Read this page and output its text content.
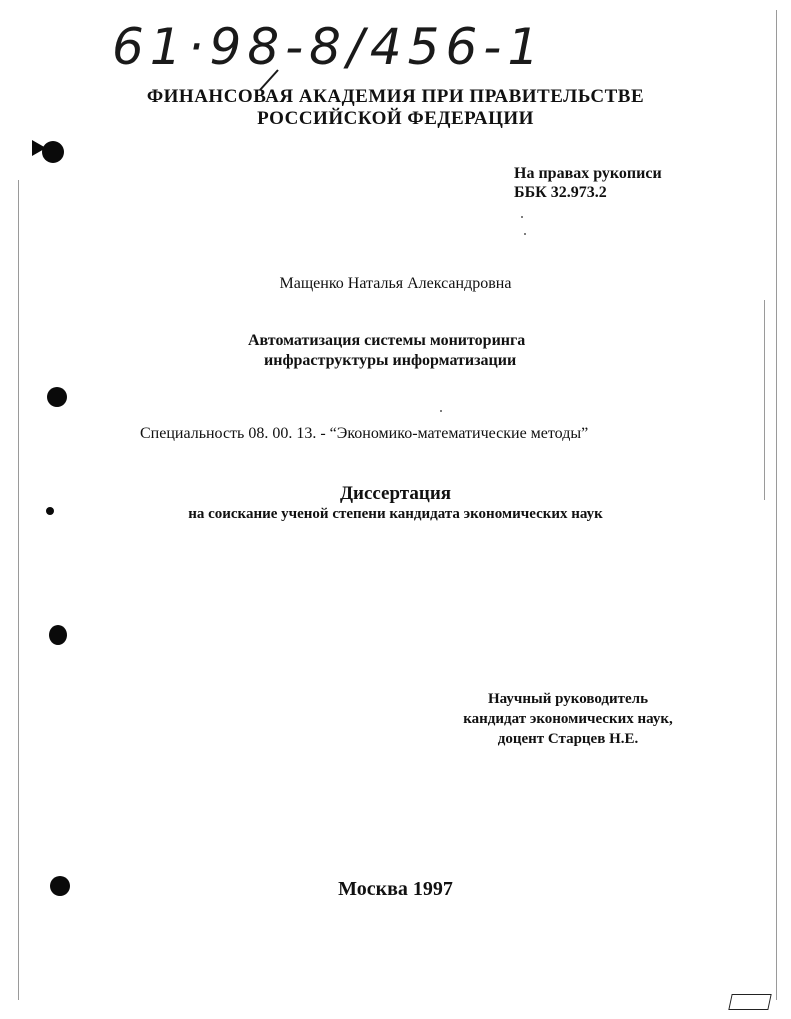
61·98-8/456-1
ФИНАНСОВАЯ АКАДЕМИЯ ПРИ ПРАВИТЕЛЬСТВЕ
РОССИЙСКОЙ ФЕДЕРАЦИИ
На правах рукописи
ББК 32.973.2
Мащенко Наталья Александровна
Автоматизация системы мониторинга
инфраструктуры информатизации
Специальность 08. 00. 13. - “Экономико-математические методы”
Диссертация
на соискание ученой степени кандидата экономических наук
Научный руководитель
кандидат экономических наук,
доцент Старцев Н.Е.
Москва 1997
